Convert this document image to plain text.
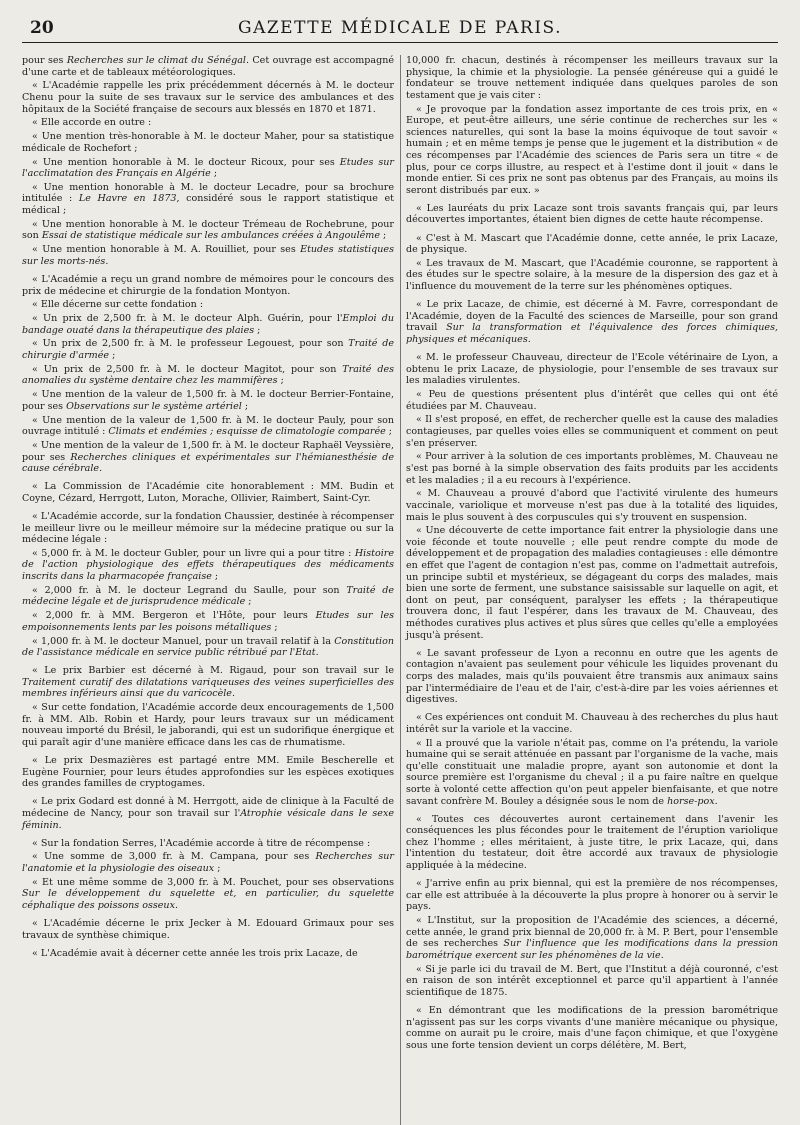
20	GAZETTE MÉDICALE DE PARIS.

pour ses Recherches sur le climat du Sénégal. Cet ouvrage est accompagné d'une carte et de tableaux météorologiques.

« L'Académie rappelle les prix précédemment décernés à M. le docteur Chenu pour la suite de ses travaux sur le service des ambulances et des hôpitaux de la Société française de secours aux blessés en 1870 et 1871.

« Elle accorde en outre :

« Une mention très-honorable à M. le docteur Maher, pour sa statistique médicale de Rochefort ;

« Une mention honorable à M. le docteur Ricoux, pour ses Etudes sur l'acclimatation des Français en Algérie ;

« Une mention honorable à M. le docteur Lecadre, pour sa brochure intitulée : Le Havre en 1873, considéré sous le rapport statistique et médical ;

« Une mention honorable à M. le docteur Trémeau de Rochebrune, pour son Essai de statistique médicale sur les ambulances créées à Angoulême ;

« Une mention honorable à M. A. Rouilliet, pour ses Etudes statistiques sur les morts-nés.

« L'Académie a reçu un grand nombre de mémoires pour le concours des prix de médecine et chirurgie de la fondation Montyon.

« Elle décerne sur cette fondation :

« Un prix de 2,500 fr. à M. le docteur Alph. Guérin, pour l'Emploi du bandage ouaté dans la thérapeutique des plaies ;

« Un prix de 2,500 fr. à M. le professeur Legouest, pour son Traité de chirurgie d'armée ;

« Un prix de 2,500 fr. à M. le docteur Magitot, pour son Traité des anomalies du système dentaire chez les mammifères ;

« Une mention de la valeur de 1,500 fr. à M. le docteur Berrier-Fontaine, pour ses Observations sur le système artériel ;

« Une mention de la valeur de 1,500 fr. à M. le docteur Pauly, pour son ouvrage intitulé : Climats et endémies ; esquisse de climatologie comparée ;

« Une mention de la valeur de 1,500 fr. à M. le docteur Raphaël Veyssière, pour ses Recherches cliniques et expérimentales sur l'hémianesthésie de cause cérébrale.

« La Commission de l'Académie cite honorablement : MM. Budin et Coyne, Cézard, Herrgott, Luton, Morache, Ollivier, Raimbert, Saint-Cyr.

« L'Académie accorde, sur la fondation Chaussier, destinée à récompenser le meilleur livre ou le meilleur mémoire sur la médecine pratique ou sur la médecine légale :

« 5,000 fr. à M. le docteur Gubler, pour un livre qui a pour titre : Histoire de l'action physiologique des effets thérapeutiques des médicaments inscrits dans la pharmacopée française ;

« 2,000 fr. à M. le docteur Legrand du Saulle, pour son Traité de médecine légale et de jurisprudence médicale ;

« 2,000 fr. à MM. Bergeron et l'Hôte, pour leurs Etudes sur les empoisonnements lents par les poisons métalliques ;

« 1,000 fr. à M. le docteur Manuel, pour un travail relatif à la Constitution de l'assistance médicale en service public rétribué par l'Etat.

« Le prix Barbier est décerné à M. Rigaud, pour son travail sur le Traitement curatif des dilatations variqueuses des veines superficielles des membres inférieurs ainsi que du varicocèle.

« Sur cette fondation, l'Académie accorde deux encouragements de 1,500 fr. à MM. Alb. Robin et Hardy, pour leurs travaux sur un médicament nouveau importé du Brésil, le jaborandi, qui est un sudorifique énergique et qui paraît agir d'une manière efficace dans les cas de rhumatisme.

« Le prix Desmazières est partagé entre MM. Emile Bescherelle et Eugène Fournier, pour leurs études approfondies sur les espèces exotiques des grandes familles de cryptogames.

« Le prix Godard est donné à M. Herrgott, aide de clinique à la Faculté de médecine de Nancy, pour son travail sur l'Atrophie vésicale dans le sexe féminin.

« Sur la fondation Serres, l'Académie accorde à titre de récompense :

« Une somme de 3,000 fr. à M. Campana, pour ses Recherches sur l'anatomie et la physiologie des oiseaux ;

« Et une même somme de 3,000 fr. à M. Pouchet, pour ses observations Sur le développement du squelette et, en particulier, du squelette céphalique des poissons osseux.

« L'Académie décerne le prix Jecker à M. Edouard Grimaux pour ses travaux de synthèse chimique.

« L'Académie avait à décerner cette année les trois prix Lacaze, de

10,000 fr. chacun, destinés à récompenser les meilleurs travaux sur la physique, la chimie et la physiologie. La pensée généreuse qui a guidé le fondateur se trouve nettement indiquée dans quelques paroles de son testament que je vais citer :

« Je provoque par la fondation assez importante de ces trois prix, en « Europe, et peut-être ailleurs, une série continue de recherches sur les « sciences naturelles, qui sont la base la moins équivoque de tout savoir « humain ; et en même temps je pense que le jugement et la distribution « de ces récompenses par l'Académie des sciences de Paris sera un titre « de plus, pour ce corps illustre, au respect et à l'estime dont il jouit « dans le monde entier. Si ces prix ne sont pas obtenus par des Français, au moins ils seront distribués par eux. »

« Les lauréats du prix Lacaze sont trois savants français qui, par leurs découvertes importantes, étaient bien dignes de cette haute récompense.

« C'est à M. Mascart que l'Académie donne, cette année, le prix Lacaze, de physique.

« Les travaux de M. Mascart, que l'Académie couronne, se rapportent à des études sur le spectre solaire, à la mesure de la dispersion des gaz et à l'influence du mouvement de la terre sur les phénomènes optiques.

« Le prix Lacaze, de chimie, est décerné à M. Favre, correspondant de l'Académie, doyen de la Faculté des sciences de Marseille, pour son grand travail Sur la transformation et l'équivalence des forces chimiques, physiques et mécaniques.

« M. le professeur Chauveau, directeur de l'Ecole vétérinaire de Lyon, a obtenu le prix Lacaze, de physiologie, pour l'ensemble de ses travaux sur les maladies virulentes.

« Peu de questions présentent plus d'intérêt que celles qui ont été étudiées par M. Chauveau.

« Il s'est proposé, en effet, de rechercher quelle est la cause des maladies contagieuses, par quelles voies elles se communiquent et comment on peut s'en préserver.

« Pour arriver à la solution de ces importants problèmes, M. Chauveau ne s'est pas borné à la simple observation des faits produits par les accidents et les maladies ; il a eu recours à l'expérience.

« M. Chauveau a prouvé d'abord que l'activité virulente des humeurs vaccinale, variolique et morveuse n'est pas due à la totalité des liquides, mais le plus souvent à des corpuscules qui s'y trouvent en suspension.

« Une découverte de cette importance fait entrer la physiologie dans une voie féconde et toute nouvelle ; elle peut rendre compte du mode de développement et de propagation des maladies contagieuses : elle démontre en effet que l'agent de contagion n'est pas, comme on l'admettait autrefois, un principe subtil et mystérieux, se dégageant du corps des malades, mais bien une sorte de ferment, une substance saisissable sur laquelle on agit, et dont on peut, par conséquent, paralyser les effets ; la thérapeutique trouvera donc, il faut l'espérer, dans les travaux de M. Chauveau, des méthodes curatives plus actives et plus sûres que celles qu'elle a employées jusqu'à présent.

« Le savant professeur de Lyon a reconnu en outre que les agents de contagion n'avaient pas seulement pour véhicule les liquides provenant du corps des malades, mais qu'ils pouvaient être transmis aux animaux sains par l'intermédiaire de l'eau et de l'air, c'est-à-dire par les voies aériennes et digestives.

« Ces expériences ont conduit M. Chauveau à des recherches du plus haut intérêt sur la variole et la vaccine.

« Il a prouvé que la variole n'était pas, comme on l'a prétendu, la variole humaine qui se serait atténuée en passant par l'organisme de la vache, mais qu'elle constituait une maladie propre, ayant son autonomie et dont la source première est l'organisme du cheval ; il a pu faire naître en quelque sorte à volonté cette affection qu'on peut appeler bienfaisante, et que notre savant confrère M. Bouley a désignée sous le nom de horse-pox.

« Toutes ces découvertes auront certainement dans l'avenir les conséquences les plus fécondes pour le traitement de l'éruption variolique chez l'homme ; elles méritaient, à juste titre, le prix Lacaze, qui, dans l'intention du testateur, doit être accordé aux travaux de physiologie appliquée à la médecine.

« J'arrive enfin au prix biennal, qui est la première de nos récompenses, car elle est attribuée à la découverte la plus propre à honorer ou à servir le pays.

« L'Institut, sur la proposition de l'Académie des sciences, a décerné, cette année, le grand prix biennal de 20,000 fr. à M. P. Bert, pour l'ensemble de ses recherches Sur l'influence que les modifications dans la pression barométrique exercent sur les phénomènes de la vie.

« Si je parle ici du travail de M. Bert, que l'Institut a déjà couronné, c'est en raison de son intérêt exceptionnel et parce qu'il appartient à l'année scientifique de 1875.

« En démontrant que les modifications de la pression barométrique n'agissent pas sur les corps vivants d'une manière mécanique ou physique, comme on aurait pu le croire, mais d'une façon chimique, et que l'oxygène sous une forte tension devient un corps délétère, M. Bert,
